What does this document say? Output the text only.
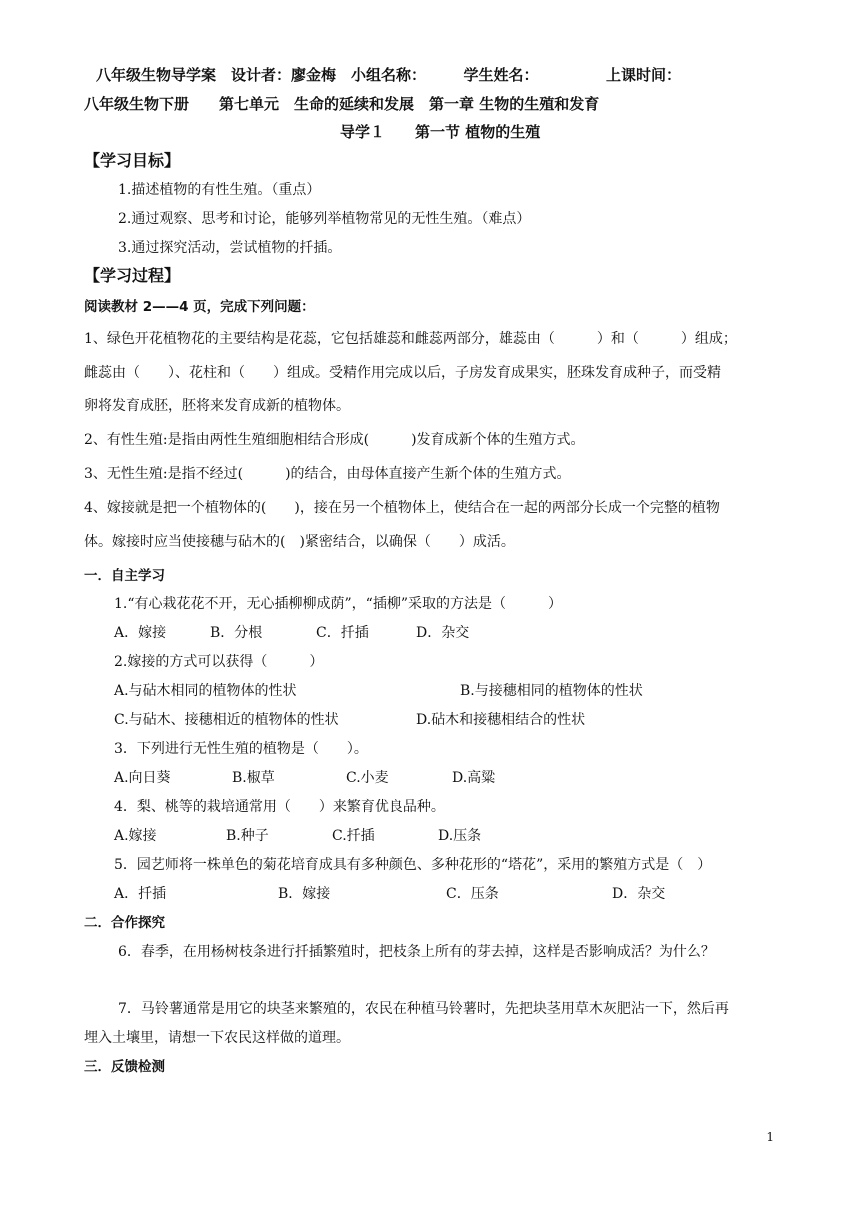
八年级生物导学案　设计者：廖金梅　小组名称：　　　学生姓名：　　　　　上课时间：
八年级生物下册　　第七单元　生命的延续和发展　第一章 生物的生殖和发育
导学１　　第一节 植物的生殖
【学习目标】
1.描述植物的有性生殖。（重点）
2.通过观察、思考和讨论，能够列举植物常见的无性生殖。（难点）
3.通过探究活动，尝试植物的扦插。
【学习过程】
阅读教材 2——4 页，完成下列问题：
1、绿色开花植物花的主要结构是花蕊，它包括雄蕊和雌蕊两部分，雄蕊由（　　　）和（　　　）组成；
雌蕊由（　　）、花柱和（　　）组成。受精作用完成以后，子房发育成果实，胚珠发育成种子，而受精
卵将发育成胚，胚将来发育成新的植物体。
2、有性生殖:是指由两性生殖细胞相结合形成(　　　)发育成新个体的生殖方式。
3、无性生殖:是指不经过(　　　)的结合，由母体直接产生新个体的生殖方式。
4、嫁接就是把一个植物体的(　　)，接在另一个植物体上，使结合在一起的两部分长成一个完整的植物
体。嫁接时应当使接穗与砧木的(　)紧密结合，以确保（　　）成活。
一．自主学习
1.“有心栽花花不开，无心插柳柳成荫”，“插柳”采取的方法是（　　　）
A．嫁接	B．分根	C．扦插	D．杂交
2.嫁接的方式可以获得（　　　）
A.与砧木相同的植物体的性状	B.与接穗相同的植物体的性状
C.与砧木、接穗相近的植物体的性状	D.砧木和接穗相结合的性状
3．下列进行无性生殖的植物是（　　）。
A.向日葵	B.椒草	C.小麦	D.高粱
4．梨、桃等的栽培通常用（　　）来繁育优良品种。
A.嫁接	B.种子	C.扦插	D.压条
5．园艺师将一株单色的菊花培育成具有多种颜色、多种花形的“塔花”，采用的繁殖方式是（　）
A．扦插	B．嫁接	C．压条	D．杂交
二．合作探究
6．春季，在用杨树枝条进行扦插繁殖时，把枝条上所有的芽去掉，这样是否影响成活？为什么？
7．马铃薯通常是用它的块茎来繁殖的，农民在种植马铃薯时，先把块茎用草木灰肥沾一下，然后再
埋入土壤里，请想一下农民这样做的道理。
三．反馈检测
1
